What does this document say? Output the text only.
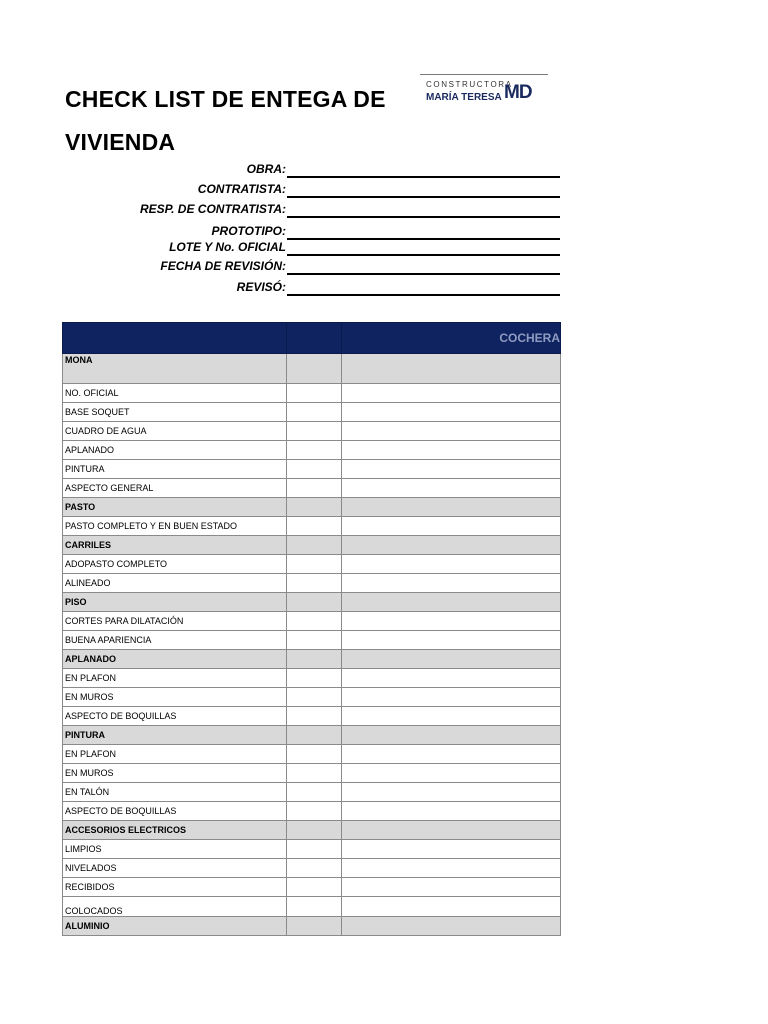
CHECK LIST DE ENTEGA DE VIVIENDA
CONSTRUCTORA
MARÍA TERESA MD
OBRA:
CONTRATISTA:
RESP. DE CONTRATISTA:
PROTOTIPO:
LOTE Y No. OFICIAL
FECHA DE REVISIÓN:
REVISÓ:
		COCHERA
MONA		
NO. OFICIAL		
BASE SOQUET		
CUADRO DE AGUA		
APLANADO		
PINTURA		
ASPECTO GENERAL		
PASTO		
PASTO COMPLETO Y EN BUEN ESTADO		
CARRILES		
ADOPASTO COMPLETO		
ALINEADO		
PISO		
CORTES PARA DILATACIÓN		
BUENA APARIENCIA		
APLANADO		
EN PLAFON		
EN MUROS		
ASPECTO DE BOQUILLAS		
PINTURA		
EN PLAFON		
EN MUROS		
EN TALÓN		
ASPECTO DE BOQUILLAS		
ACCESORIOS ELECTRICOS		
LIMPIOS		
NIVELADOS		
RECIBIDOS		
COLOCADOS		
ALUMINIO		
